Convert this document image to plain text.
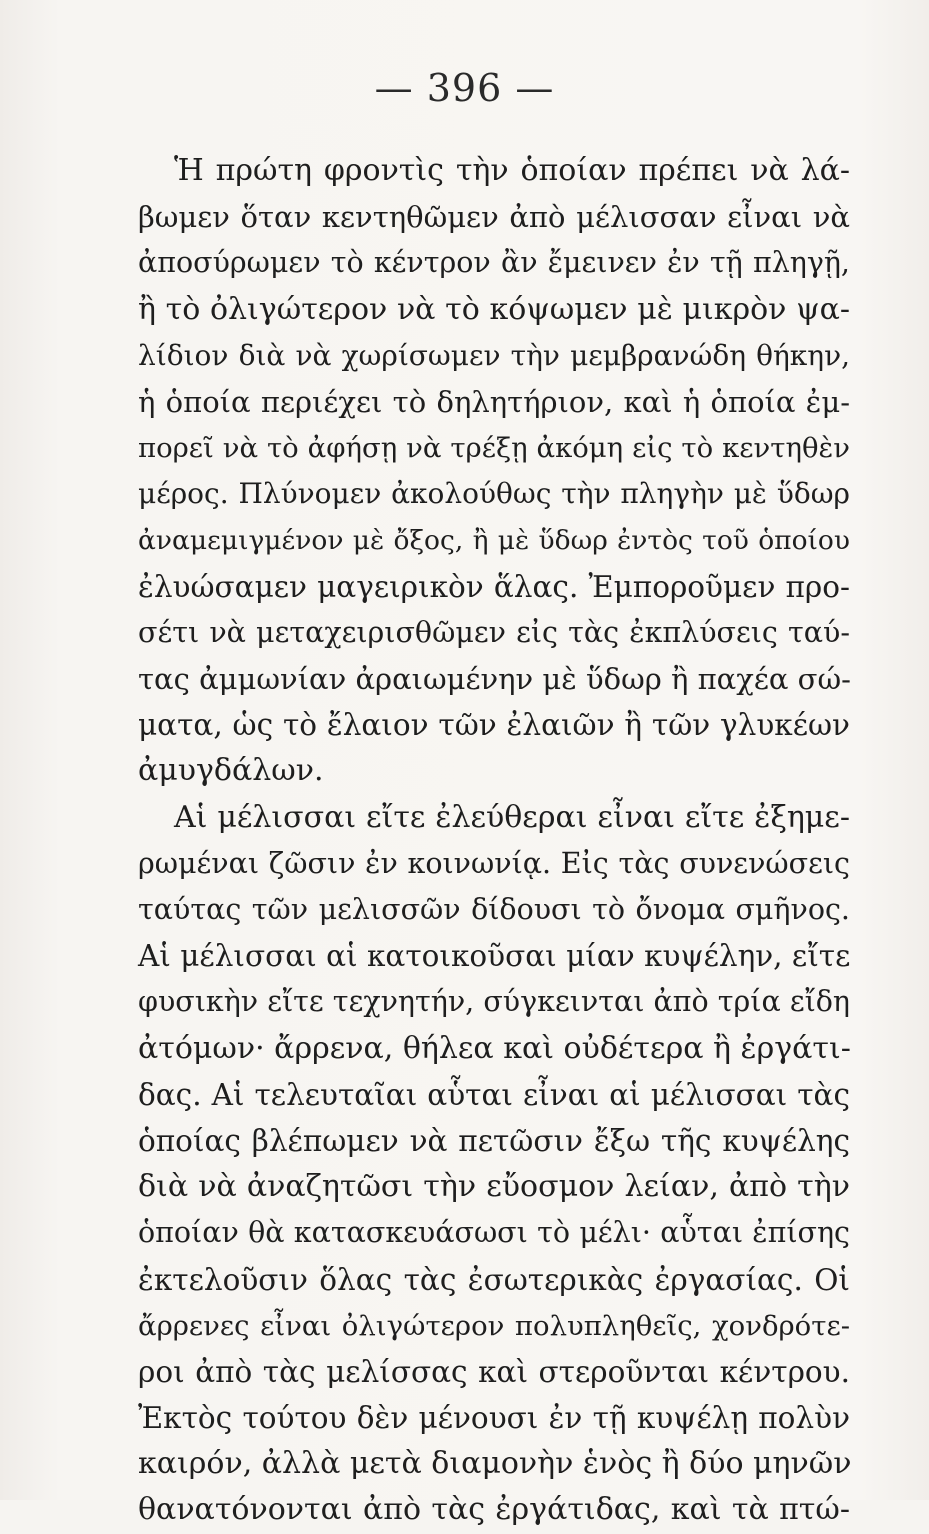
— 396 —
Ἡ πρώτη φροντὶς τὴν ὁποίαν πρέπει νὰ λά-
βωμεν ὅταν κεντηθῶμεν ἀπὸ μέλισσαν εἶναι νὰ
ἀποσύρωμεν τὸ κέντρον ἂν ἔμεινεν ἐν τῇ πληγῇ,
ἢ τὸ ὀλιγώτερον νὰ τὸ κόψωμεν μὲ μικρὸν ψα-
λίδιον διὰ νὰ χωρίσωμεν τὴν μεμβρανώδη θήκην,
ἡ ὁποία περιέχει τὸ δηλητήριον, καὶ ἡ ὁποία ἐμ-
πορεῖ νὰ τὸ ἀφήσῃ νὰ τρέξῃ ἀκόμη εἰς τὸ κεντηθὲν
μέρος. Πλύνομεν ἀκολούθως τὴν πληγὴν μὲ ὕδωρ
ἀναμεμιγμένον μὲ ὄξος, ἢ μὲ ὕδωρ ἐντὸς τοῦ ὁποίου
ἐλυώσαμεν μαγειρικὸν ἅλας. Ἐμποροῦμεν προ-
σέτι νὰ μεταχειρισθῶμεν εἰς τὰς ἐκπλύσεις ταύ-
τας ἀμμωνίαν ἀραιωμένην μὲ ὕδωρ ἢ παχέα σώ-
ματα, ὡς τὸ ἔλαιον τῶν ἐλαιῶν ἢ τῶν γλυκέων
ἀμυγδάλων.
Αἱ μέλισσαι εἴτε ἐλεύθεραι εἶναι εἴτε ἐξημε-
ρωμέναι ζῶσιν ἐν κοινωνίᾳ. Εἰς τὰς συνενώσεις
ταύτας τῶν μελισσῶν δίδουσι τὸ ὄνομα σμῆνος.
Αἱ μέλισσαι αἱ κατοικοῦσαι μίαν κυψέλην, εἴτε
φυσικὴν εἴτε τεχνητήν, σύγκεινται ἀπὸ τρία εἴδη
ἀτόμων· ἄρρενα, θήλεα καὶ οὐδέτερα ἢ ἐργάτι-
δας. Αἱ τελευταῖαι αὗται εἶναι αἱ μέλισσαι τὰς
ὁποίας βλέπωμεν νὰ πετῶσιν ἔξω τῆς κυψέλης
διὰ νὰ ἀναζητῶσι τὴν εὔοσμον λείαν, ἀπὸ τὴν
ὁποίαν θὰ κατασκευάσωσι τὸ μέλι· αὗται ἐπίσης
ἐκτελοῦσιν ὅλας τὰς ἐσωτερικὰς ἐργασίας. Οἱ
ἄρρενες εἶναι ὀλιγώτερον πολυπληθεῖς, χονδρότε-
ροι ἀπὸ τὰς μελίσσας καὶ στεροῦνται κέντρου.
Ἐκτὸς τούτου δὲν μένουσι ἐν τῇ κυψέλῃ πολὺν
καιρόν, ἀλλὰ μετὰ διαμονὴν ἑνὸς ἢ δύο μηνῶν
θανατόνονται ἀπὸ τὰς ἐργάτιδας, καὶ τὰ πτώ-
